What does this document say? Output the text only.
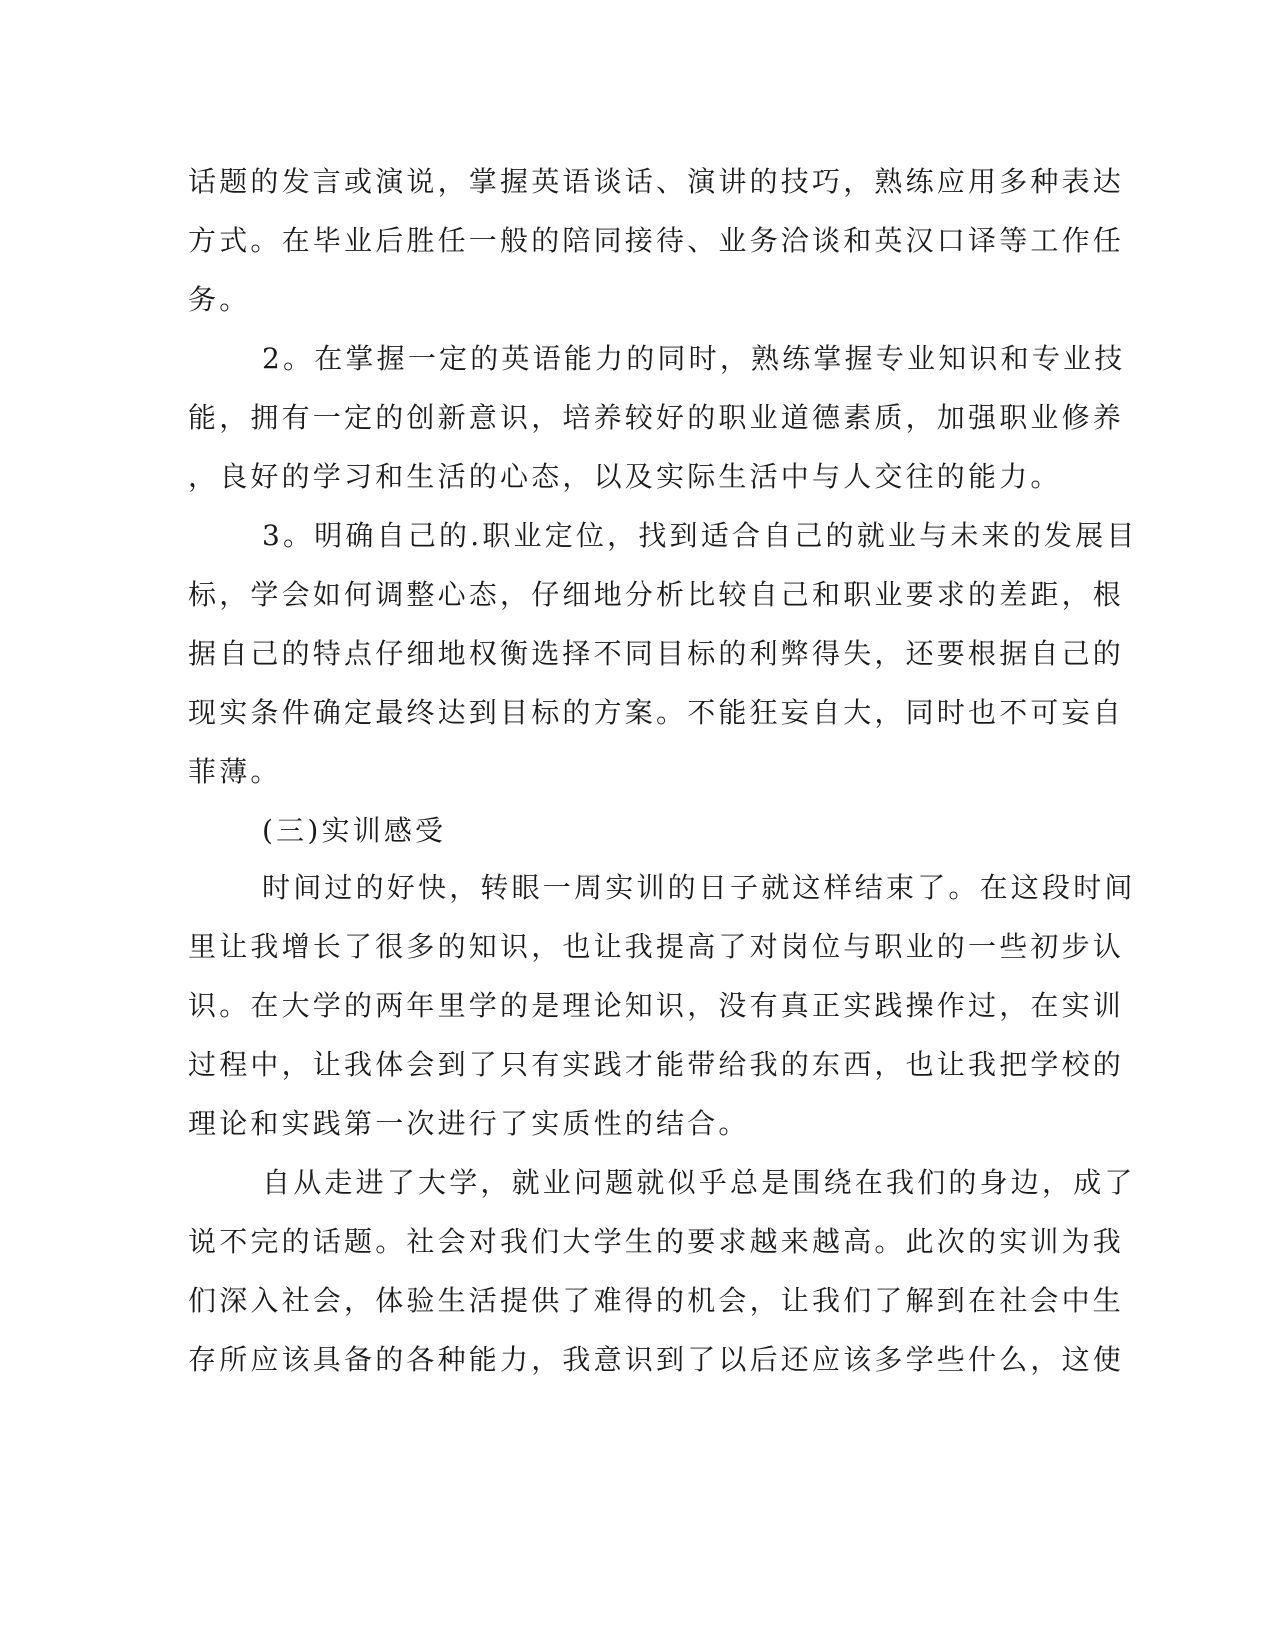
话题的发言或演说，掌握英语谈话、演讲的技巧，熟练应用多种表达
方式。在毕业后胜任一般的陪同接待、业务洽谈和英汉口译等工作任
务。
2。在掌握一定的英语能力的同时，熟练掌握专业知识和专业技
能，拥有一定的创新意识，培养较好的职业道德素质，加强职业修养
，良好的学习和生活的心态，以及实际生活中与人交往的能力。
3。明确自己的.职业定位，找到适合自己的就业与未来的发展目
标，学会如何调整心态，仔细地分析比较自己和职业要求的差距，根
据自己的特点仔细地权衡选择不同目标的利弊得失，还要根据自己的
现实条件确定最终达到目标的方案。不能狂妄自大，同时也不可妄自
菲薄。
(三)实训感受
时间过的好快，转眼一周实训的日子就这样结束了。在这段时间
里让我增长了很多的知识，也让我提高了对岗位与职业的一些初步认
识。在大学的两年里学的是理论知识，没有真正实践操作过，在实训
过程中，让我体会到了只有实践才能带给我的东西，也让我把学校的
理论和实践第一次进行了实质性的结合。
自从走进了大学，就业问题就似乎总是围绕在我们的身边，成了
说不完的话题。社会对我们大学生的要求越来越高。此次的实训为我
们深入社会，体验生活提供了难得的机会，让我们了解到在社会中生
存所应该具备的各种能力，我意识到了以后还应该多学些什么，这使
